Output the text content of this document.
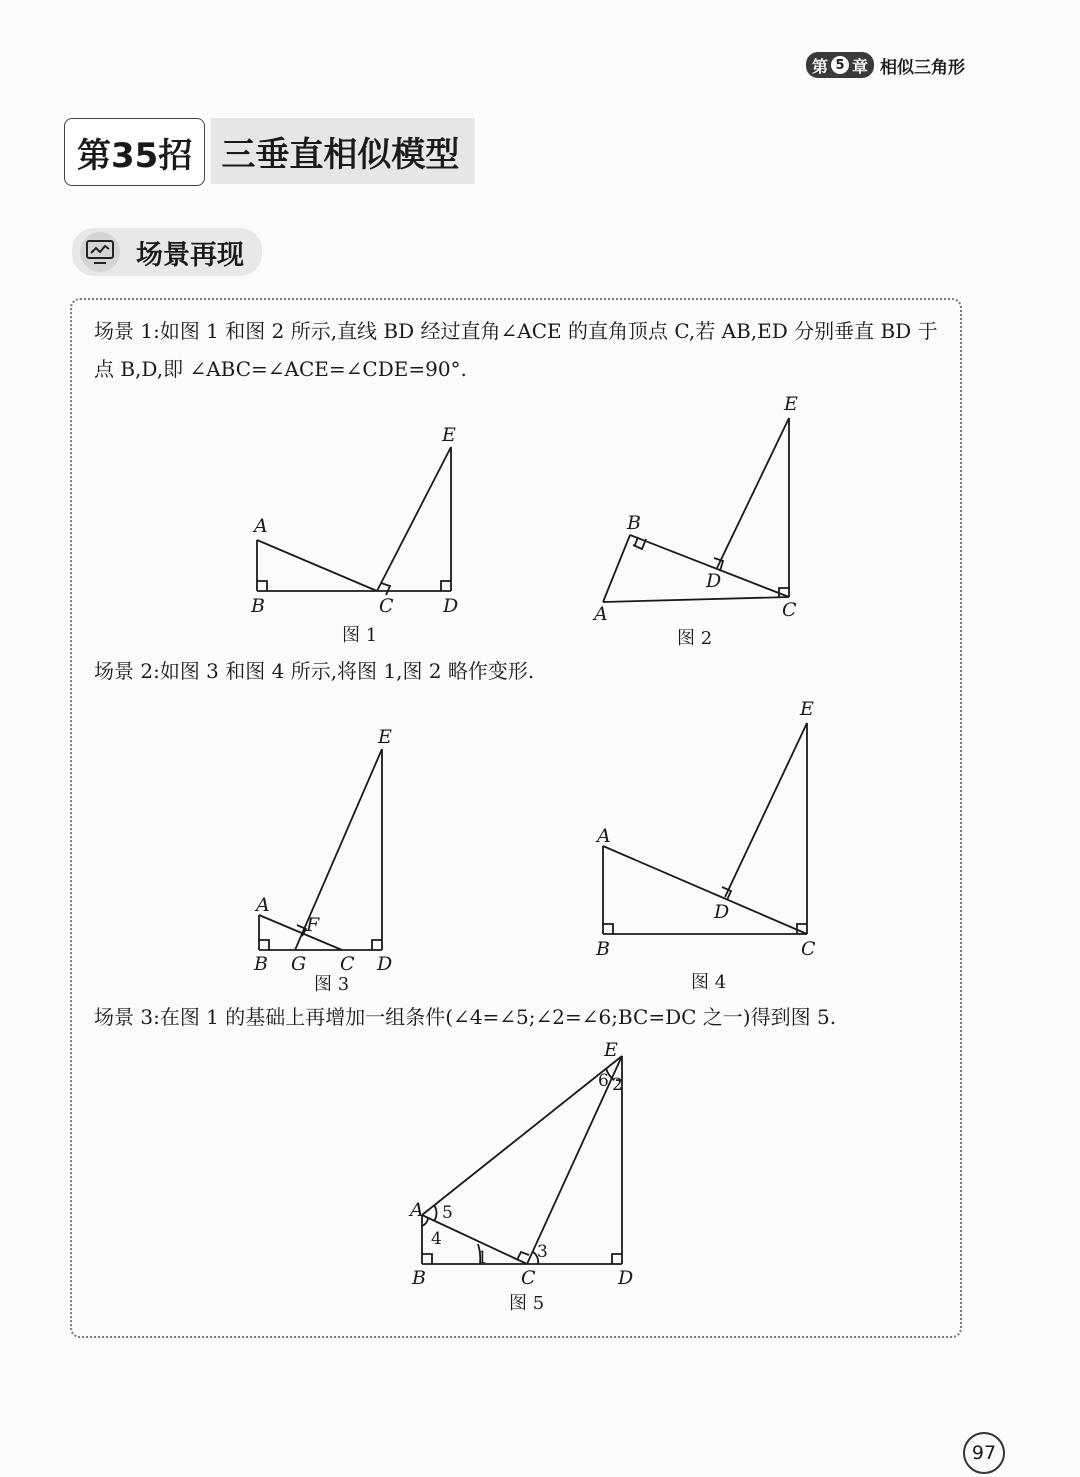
第 5 章 相似三角形
第35招 三垂直相似模型
场景再现
场景 1:如图 1 和图 2 所示,直线 BD 经过直角∠ACE 的直角顶点 C,若 AB,ED 分别垂直 BD 于点 B,D,即 ∠ABC=∠ACE=∠CDE=90°.
A
B	C	D
E
图 1
B
A	C
D
E
图 2
场景 2:如图 3 和图 4 所示,将图 1,图 2 略作变形.
A
F
B G C D
E
图 3
A
B
D
C
E
图 4
场景 3:在图 1 的基础上再增加一组条件(∠4=∠5;∠2=∠6;BC=DC 之一)得到图 5.
A
B	C	D
E
1
2
3
4
5
6
图 5
97
